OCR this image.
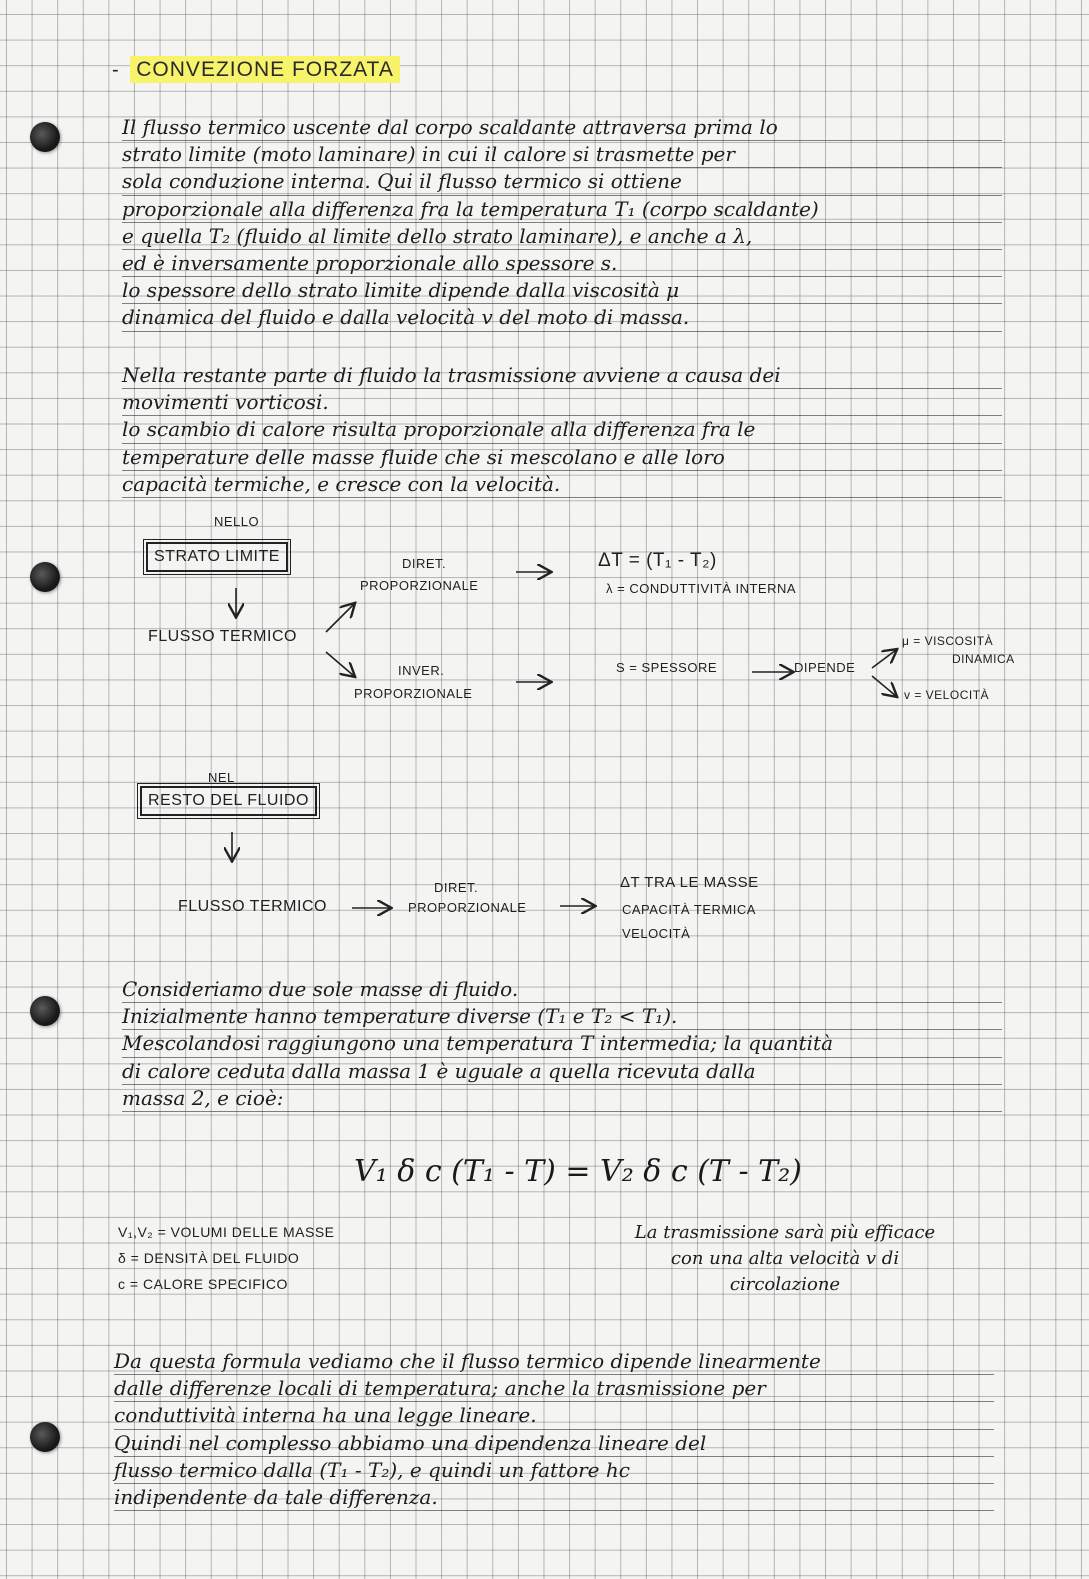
- CONVEZIONE FORZATA
Il flusso termico uscente dal corpo scaldante attraversa prima lo
strato limite (moto laminare) in cui il calore si trasmette per
sola conduzione interna. Qui il flusso termico si ottiene
proporzionale alla differenza fra la temperatura T₁ (corpo scaldante)
e quella T₂ (fluido al limite dello strato laminare), e anche a λ,
ed è inversamente proporzionale allo spessore s.
lo spessore dello strato limite dipende dalla viscosità μ
dinamica del fluido e dalla velocità v del moto di massa.
Nella restante parte di fluido la trasmissione avviene a causa dei
movimenti vorticosi.
lo scambio di calore risulta proporzionale alla differenza fra le
temperature delle masse fluide che si mescolano e alle loro
capacità termiche, e cresce con la velocità.
NELLO
STRATO LIMITE
FLUSSO TERMICO
DIRET.
PROPORZIONALE
ΔT = (T₁ - T₂)
λ = CONDUTTIVITÀ INTERNA
INVER.
PROPORZIONALE
S = SPESSORE	DIPENDE
μ = VISCOSITÀ
DINAMICA
v = VELOCITÀ
NEL
RESTO DEL FLUIDO
FLUSSO TERMICO
DIRET.
PROPORZIONALE
ΔT TRA LE MASSE
CAPACITÀ TERMICA
VELOCITÀ
Consideriamo due sole masse di fluido.
Inizialmente hanno temperature diverse (T₁ e T₂ < T₁).
Mescolandosi raggiungono una temperatura T intermedia; la quantità
di calore ceduta dalla massa 1 è uguale a quella ricevuta dalla
massa 2, e cioè:
V₁ δ c (T₁ - T) = V₂ δ c (T - T₂)
V₁,V₂ = VOLUMI DELLE MASSE
δ = DENSITÀ DEL FLUIDO
c = CALORE SPECIFICO
La trasmissione sarà più efficace
con una alta velocità v di
circolazione
Da questa formula vediamo che il flusso termico dipende linearmente
dalle differenze locali di temperatura; anche la trasmissione per
conduttività interna ha una legge lineare.
Quindi nel complesso abbiamo una dipendenza lineare del
flusso termico dalla (T₁ - T₂), e quindi un fattore hc
indipendente da tale differenza.
